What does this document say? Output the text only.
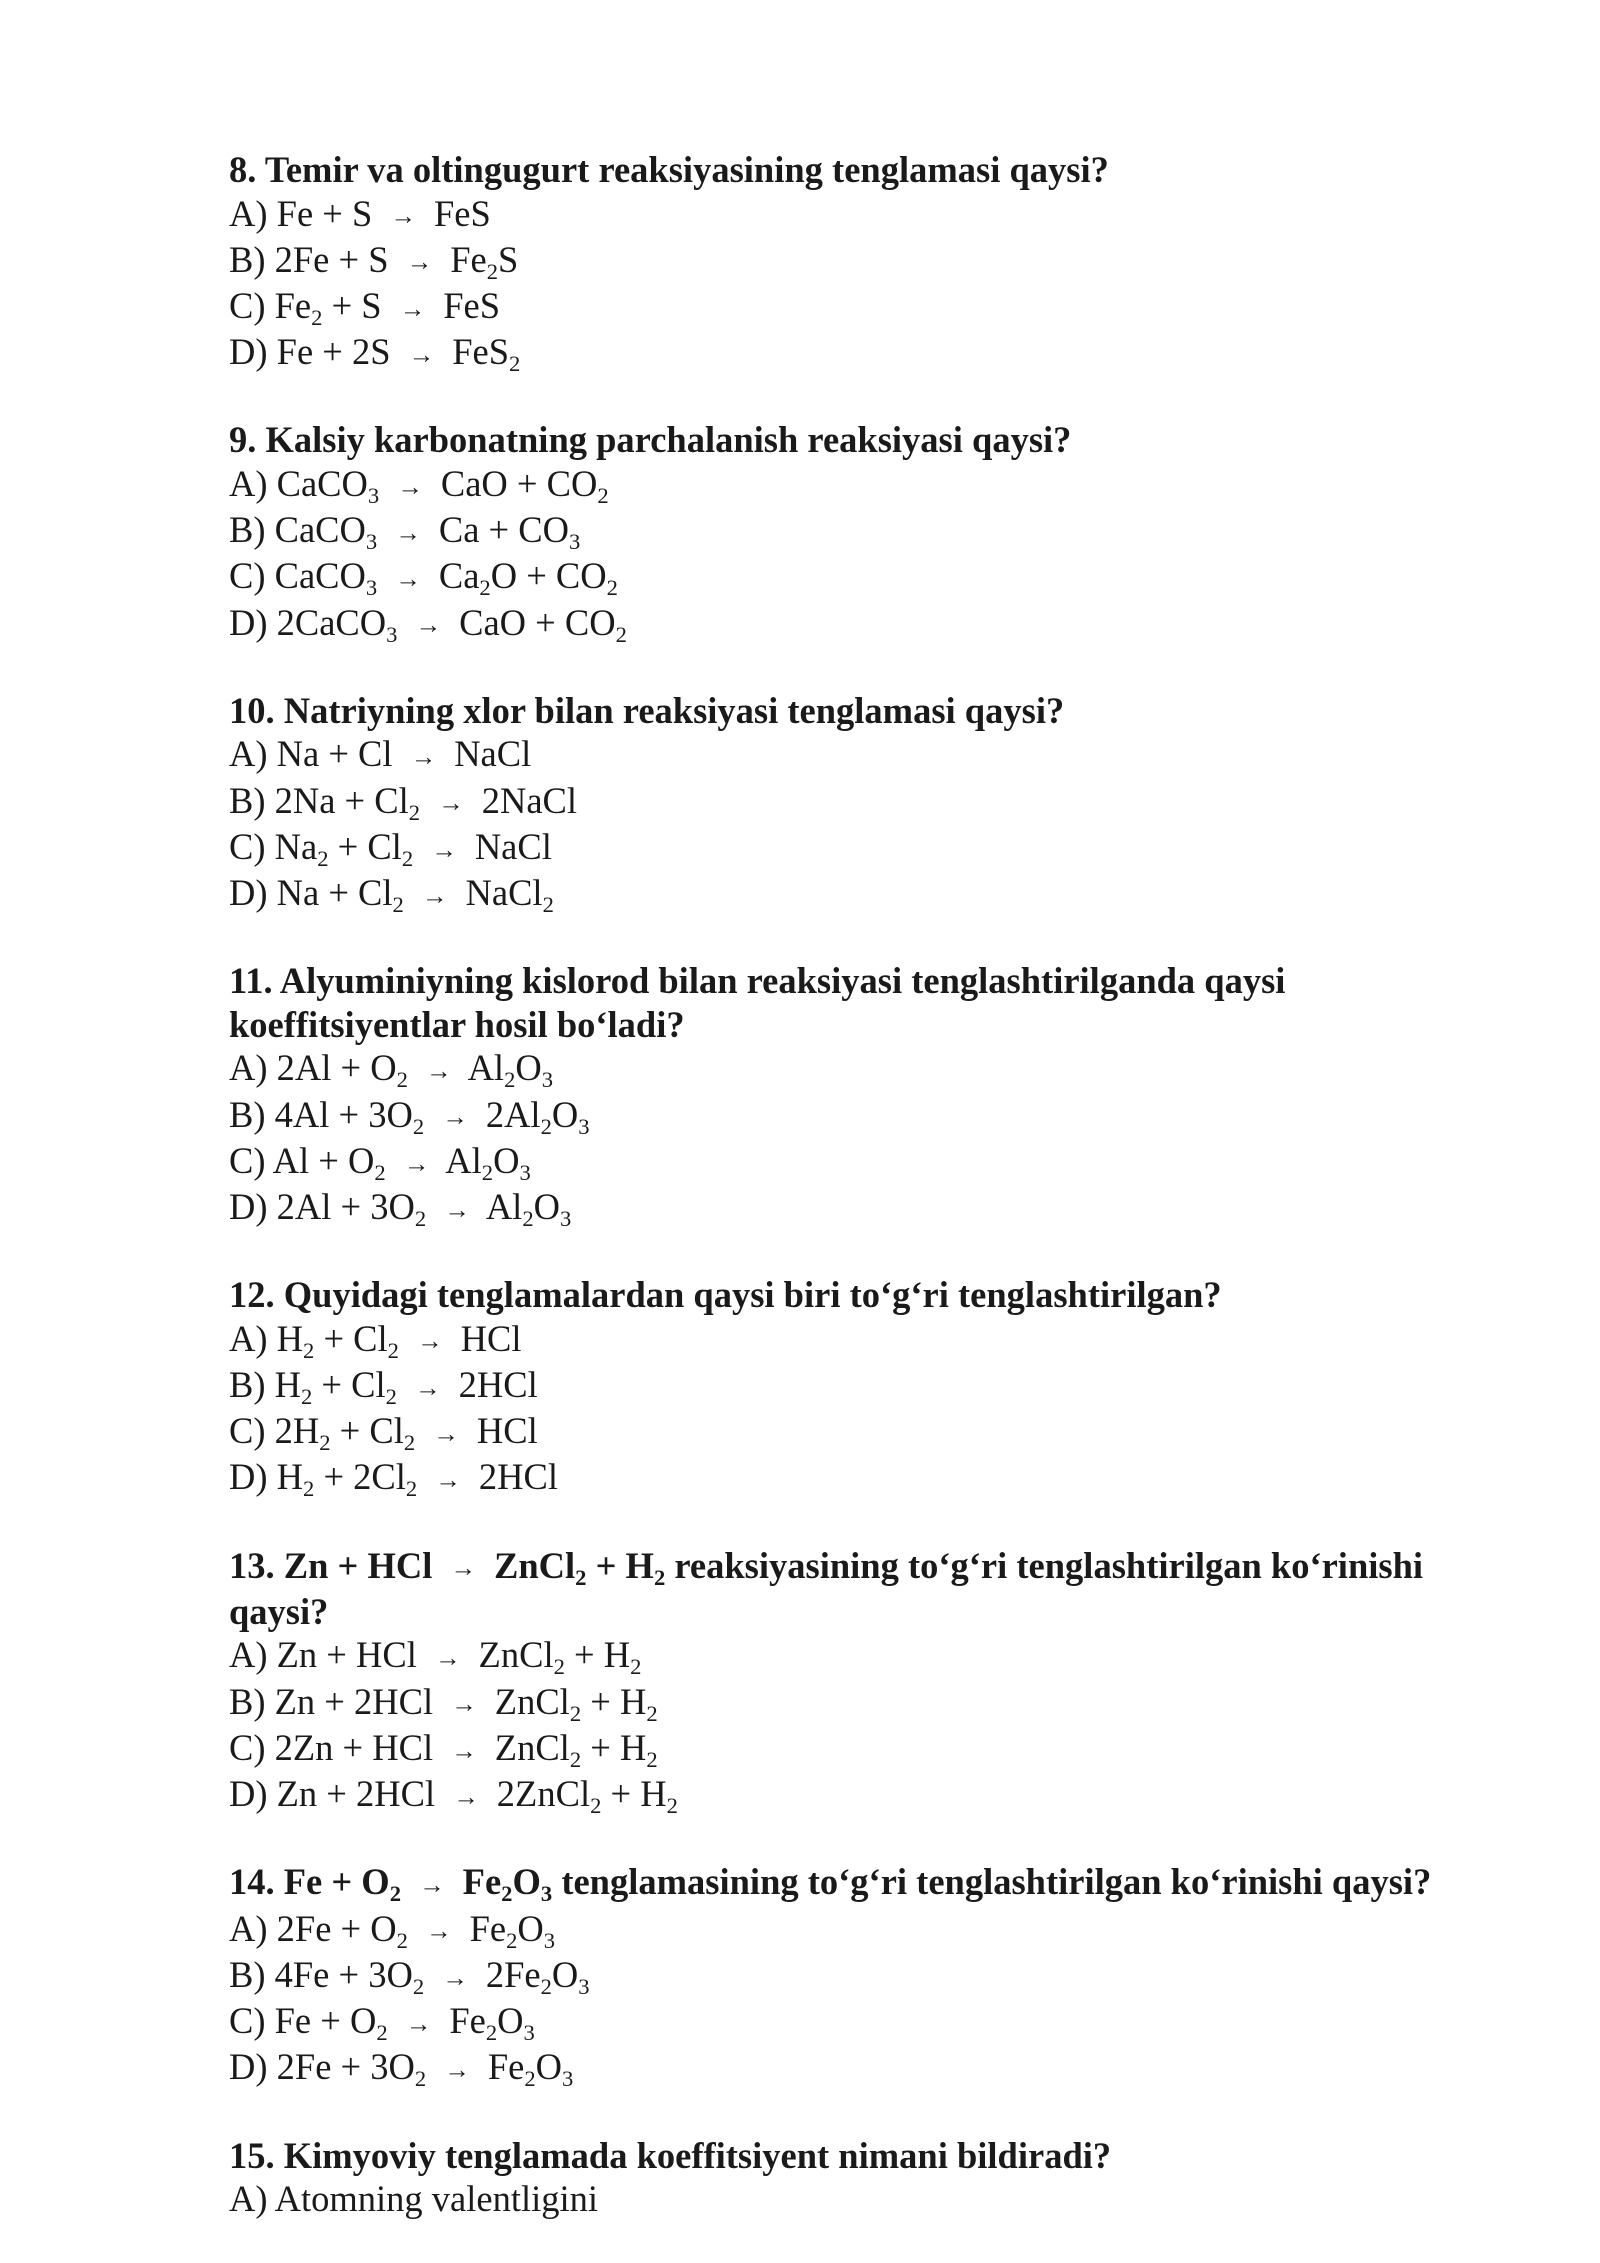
8. Temir va oltingugurt reaksiyasining tenglamasi qaysi?
A) Fe + S → FeS
B) $2Fe + S \to Fe_2S$
C) $Fe_2 + S$ → FeS
D) Fe + 2S → FeS$_2$
9. Kalsiy karbonatning parchalanish reaksiyasi qaysi?
A) CaCO$_3$ → CaO + $CO_2$
B) CaCO$_3$ → $Ca + CO_3$
C) CaCO$_3$ → $Ca_2O + CO_2$
D) 2CaCO$_3$ → CaO + $CO_2$
10. Natriyning xlor bilan reaksiyasi tenglamasi qaysi?
A) Na + Cl → NaCl
B) $2Na + Cl_2$ → 2NaCl
C) $Na_2 + Cl_2$ → NaCl
D) $Na + Cl_2$ → NaCl$_2$
11. Alyuminiyning kislorod bilan reaksiyasi tenglashtirilganda qaysi koeffitsiyentlar hosil bo‘ladi?
A) $2Al + O_2 \to Al_2O_3$
B) $4Al + 3O_2 \to 2Al_2O_3$
C) $Al + O_2 \to Al_2O_3$
D) $2Al + 3O_2 \to Al_2O_3$
12. Quyidagi tenglamalardan qaysi biri to‘g‘ri tenglashtirilgan?
A) $H_2 + Cl_2$ → HCl
B) $H_2 + Cl_2 \to 2HCl$
C) $2H_2 + Cl_2$ → HCl
D) $H_2 + 2Cl_2 \to 2HCl$
13. Zn + HCl → ZnCl$_2$ + $H_2$ reaksiyasining to‘g‘ri tenglashtirilgan ko‘rinishi qaysi?
A) Zn + HCl → ZnCl$_2$ + $H_2$
B) Zn + 2HCl → ZnCl$_2$ + $H_2$
C) 2Zn + HCl → ZnCl$_2$ + $H_2$
D) Zn + 2HCl → 2ZnCl$_2$ + $H_2$
14. $Fe + O_2 \to Fe_2O_3$ tenglamasining to‘g‘ri tenglashtirilgan ko‘rinishi qaysi?
A) $2Fe + O_2 \to Fe_2O_3$
B) $4Fe + 3O_2 \to 2Fe_2O_3$
C) $Fe + O_2 \to Fe_2O_3$
D) $2Fe + 3O_2 \to Fe_2O_3$
15. Kimyoviy tenglamada koeffitsiyent nimani bildiradi?
A) Atomning valentligini
